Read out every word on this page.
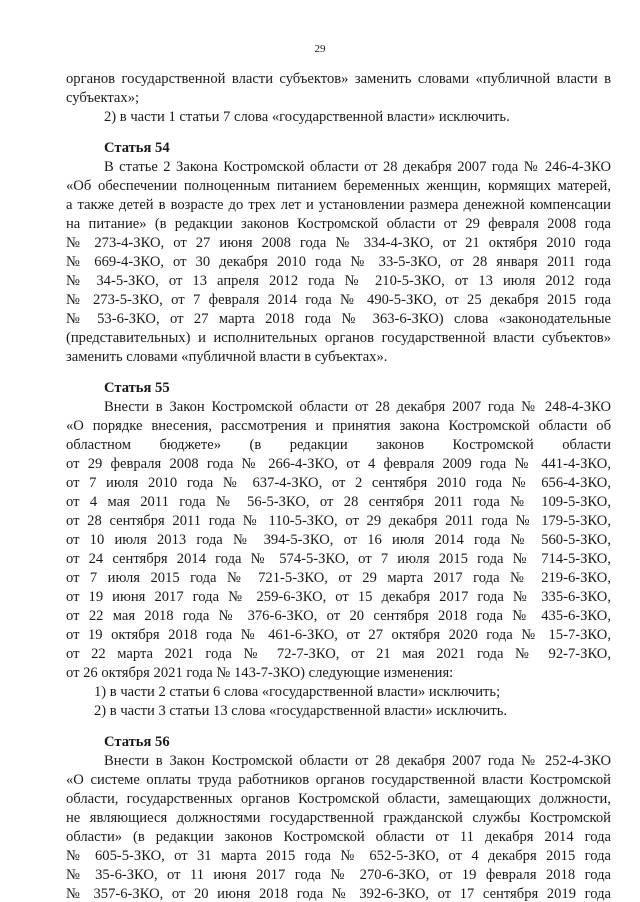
29
органов государственной власти субъектов» заменить словами «публичной власти в
субъектах»;
2) в части 1 статьи 7 слова «государственной власти» исключить.
Статья 54
В статье 2 Закона Костромской области от 28 декабря 2007 года № 246-4-ЗКО
«Об обеспечении полноценным питанием беременных женщин, кормящих матерей,
а также детей в возрасте до трех лет и установлении размера денежной компенсации
на питание» (в редакции законов Костромской области от 29 февраля 2008 года
№ 273-4-ЗКО, от 27 июня 2008 года № 334-4-ЗКО, от 21 октября 2010 года
№ 669-4-ЗКО, от 30 декабря 2010 года № 33-5-ЗКО, от 28 января 2011 года
№ 34-5-ЗКО, от 13 апреля 2012 года № 210-5-ЗКО, от 13 июля 2012 года
№ 273-5-ЗКО, от 7 февраля 2014 года № 490-5-ЗКО, от 25 декабря 2015 года
№ 53-6-ЗКО, от 27 марта 2018 года № 363-6-ЗКО) слова «законодательные
(представительных) и исполнительных органов государственной власти субъектов»
заменить словами «публичной власти в субъектах».
Статья 55
Внести в Закон Костромской области от 28 декабря 2007 года № 248-4-ЗКО
«О порядке внесения, рассмотрения и принятия закона Костромской области об
областном бюджете» (в редакции законов Костромской области
от 29 февраля 2008 года № 266-4-ЗКО, от 4 февраля 2009 года № 441-4-ЗКО,
от 7 июля 2010 года № 637-4-ЗКО, от 2 сентября 2010 года № 656-4-ЗКО,
от 4 мая 2011 года № 56-5-ЗКО, от 28 сентября 2011 года № 109-5-ЗКО,
от 28 сентября 2011 года № 110-5-ЗКО, от 29 декабря 2011 года № 179-5-ЗКО,
от 10 июля 2013 года № 394-5-ЗКО, от 16 июля 2014 года № 560-5-ЗКО,
от 24 сентября 2014 года № 574-5-ЗКО, от 7 июля 2015 года № 714-5-ЗКО,
от 7 июля 2015 года № 721-5-ЗКО, от 29 марта 2017 года № 219-6-ЗКО,
от 19 июня 2017 года № 259-6-ЗКО, от 15 декабря 2017 года № 335-6-ЗКО,
от 22 мая 2018 года № 376-6-ЗКО, от 20 сентября 2018 года № 435-6-ЗКО,
от 19 октября 2018 года № 461-6-ЗКО, от 27 октября 2020 года № 15-7-ЗКО,
от 22 марта 2021 года № 72-7-ЗКО, от 21 мая 2021 года № 92-7-ЗКО,
от 26 октября 2021 года № 143-7-ЗКО) следующие изменения:
1) в части 2 статьи 6 слова «государственной власти» исключить;
2) в части 3 статьи 13 слова «государственной власти» исключить.
Статья 56
Внести в Закон Костромской области от 28 декабря 2007 года № 252-4-ЗКО
«О системе оплаты труда работников органов государственной власти Костромской
области, государственных органов Костромской области, замещающих должности,
не являющиеся должностями государственной гражданской службы Костромской
области» (в редакции законов Костромской области от 11 декабря 2014 года
№ 605-5-ЗКО, от 31 марта 2015 года № 652-5-ЗКО, от 4 декабря 2015 года
№ 35-6-ЗКО, от 11 июня 2017 года № 270-6-ЗКО, от 19 февраля 2018 года
№ 357-6-ЗКО, от 20 июня 2018 года № 392-6-ЗКО, от 17 сентября 2019 года
